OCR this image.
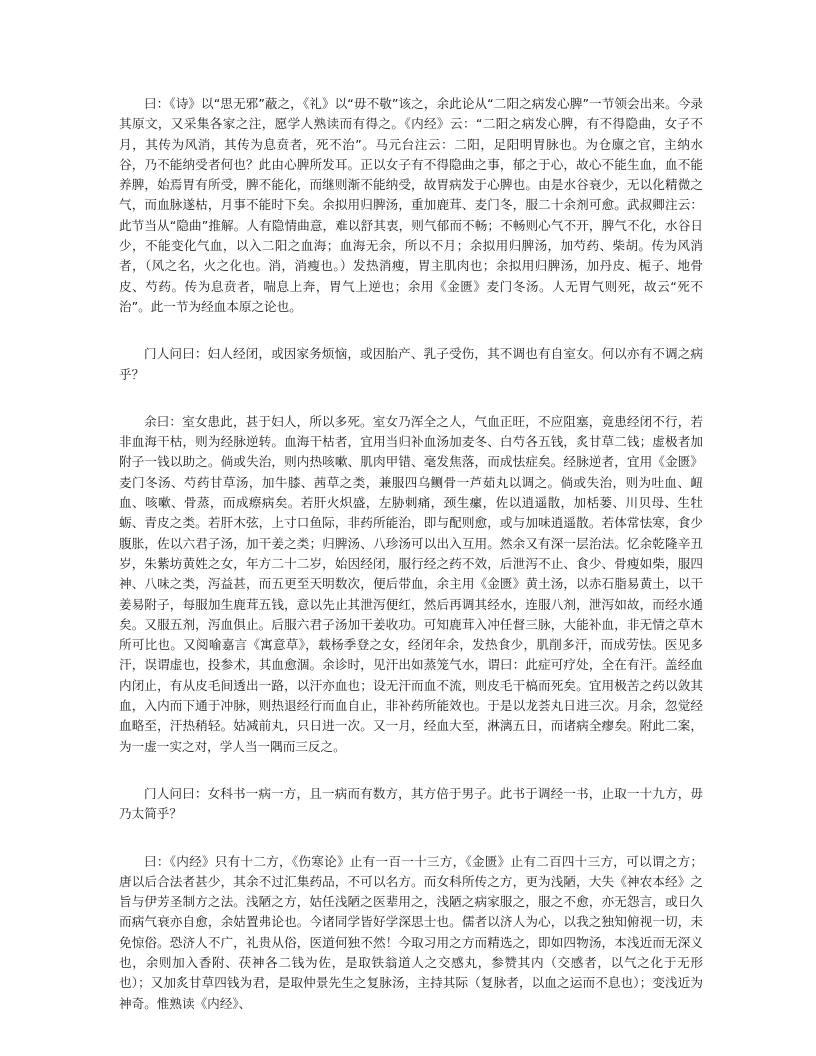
曰：《诗》以“思无邪”蔽之，《礼》以“毋不敬”该之，余此论从“二阳之病发心脾”一节领会出来。今录其原文，又采集各家之注，愿学人熟读而有得之。《内经》云：“二阳之病发心脾，有不得隐曲，女子不月，其传为风消，其传为息贲者，死不治”。马元台注云：二阳，足阳明胃脉也。为仓廪之官，主纳水谷，乃不能纳受者何也？此由心脾所发耳。正以女子有不得隐曲之事，郁之于心，故心不能生血，血不能养脾，始焉胃有所受，脾不能化，而继则渐不能纳受，故胃病发于心脾也。由是水谷衰少，无以化精微之气，而血脉遂枯，月事不能时下矣。余拟用归脾汤，重加鹿茸、麦门冬，服二十余剂可愈。武叔卿注云：此节当从“隐曲”推解。人有隐情曲意，难以舒其衷，则气郁而不畅；不畅则心气不开，脾气不化，水谷日少，不能变化气血，以入二阳之血海；血海无余，所以不月；余拟用归脾汤，加芍药、柴胡。传为风消者，（风之名，火之化也。消，消瘦也。）发热消瘦，胃主肌肉也；余拟用归脾汤，加丹皮、栀子、地骨皮、芍药。传为息贲者，喘息上奔，胃气上逆也；余用《金匮》麦门冬汤。人无胃气则死，故云“死不治”。此一节为经血本原之论也。

门人问曰：妇人经闭，或因家务烦恼，或因胎产、乳子受伤，其不调也有自室女。何以亦有不调之病乎？

余曰：室女患此，甚于妇人，所以多死。室女乃浑全之人，气血正旺，不应阻塞，竟患经闭不行，若非血海干枯，则为经脉逆转。血海干枯者，宜用当归补血汤加麦冬、白芍各五钱，炙甘草二钱；虚极者加附子一钱以助之。倘或失治，则内热咳嗽、肌肉甲错、毫发焦落，而成怯症矣。经脉逆者，宜用《金匮》麦门冬汤、芍药甘草汤，加牛膝、茜草之类，兼服四乌鲗骨一芦茹丸以调之。倘或失治，则为吐血、衄血、咳嗽、骨蒸，而成瘵病矣。若肝火炽盛，左胁刺痛，颈生瘰，佐以逍遥散，加栝蒌、川贝母、生牡蛎、青皮之类。若肝木弦，上寸口鱼际，非药所能治，即与配则愈，或与加味逍遥散。若体常怯寒，食少腹胀，佐以六君子汤，加干姜之类；归脾汤、八珍汤可以出入互用。然余又有深一层治法。忆余乾隆辛丑岁，朱紫坊黄姓之女，年方二十二岁，始因经闭，服行经之药不效，后泄泻不止、食少、骨瘦如柴，服四神、八味之类，泻益甚，而五更至天明数次，便后带血，余主用《金匮》黄土汤，以赤石脂易黄土，以干姜易附子，每服加生鹿茸五钱，意以先止其泄泻便红，然后再调其经水，连服八剂，泄泻如故，而经水通矣。又服五剂，泻血俱止。后服六君子汤加干姜收功。可知鹿茸入冲任督三脉，大能补血，非无情之草木所可比也。又阅喻嘉言《寓意草》，载杨季登之女，经闭年余，发热食少，肌削多汗，而成劳怯。医见多汗，误谓虚也，投参术，其血愈涸。余诊时，见汗出如蒸笼气水，谓曰：此症可疗处，全在有汗。盖经血内闭止，有从皮毛间透出一路，以汗亦血也；设无汗而血不流，则皮毛干槁而死矣。宜用极苦之药以敛其血，入内而下通于冲脉，则热退经行而血自止，非补药所能效也。于是以龙荟丸日进三次。月余，忽觉经血略至，汗热稍轻。姑减前丸，只日进一次。又一月，经血大至，淋漓五日，而诸病全瘳矣。附此二案，为一虚一实之对，学人当一隅而三反之。

门人问曰：女科书一病一方，且一病而有数方，其方倍于男子。此书于调经一书，止取一十九方，毋乃太简乎？

曰：《内经》只有十二方，《伤寒论》止有一百一十三方，《金匮》止有二百四十三方，可以谓之方；唐以后合法者甚少，其余不过汇集药品，不可以名方。而女科所传之方，更为浅陋，大失《神农本经》之旨与伊芳圣制方之法。浅陋之方，姑任浅陋之医辈用之，浅陋之病家服之，服之不愈，亦无怨言，或日久而病气衰亦自愈，余姑置弗论也。今诸同学皆好学深思士也。儒者以济人为心，以我之独知俯视一切，未免惊俗。恐济人不广，礼贵从俗，医道何独不然！今取习用之方而精选之，即如四物汤，本浅近而无深义也，余则加入香附、茯神各二钱为佐，是取铁翁道人之交感丸，参赞其内（交感者，以气之化于无形也）；又加炙甘草四钱为君，是取仲景先生之复脉汤，主持其际（复脉者，以血之运而不息也）；变浅近为神奇。惟熟读《内经》、
